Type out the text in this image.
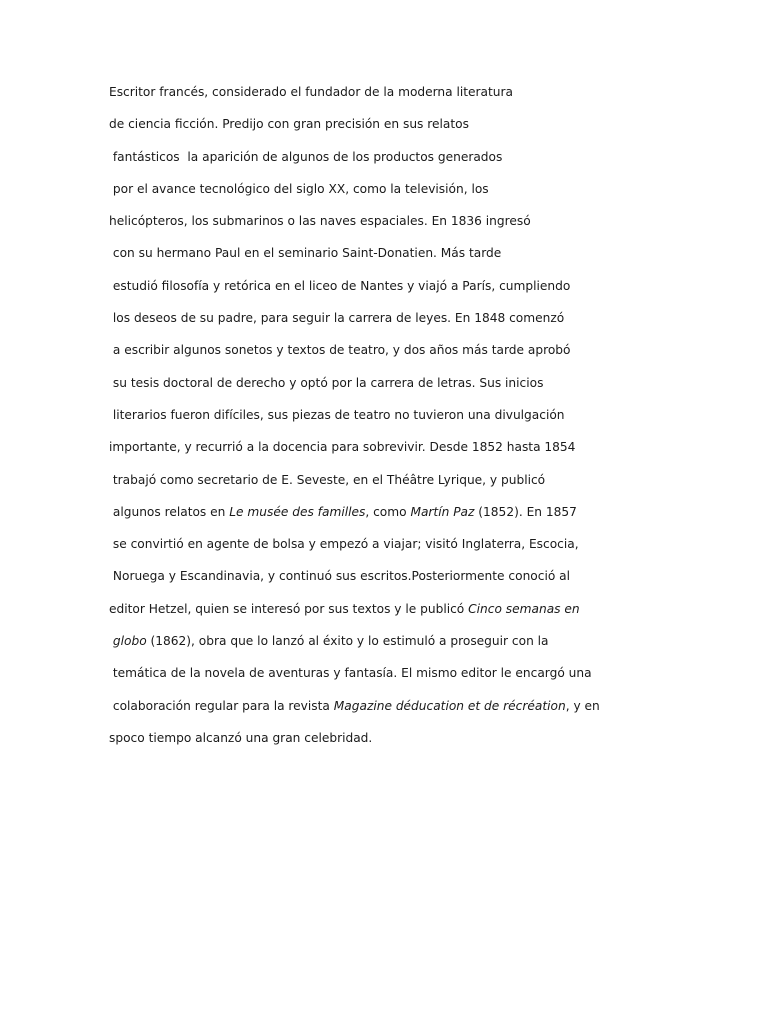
Escritor francés, considerado el fundador de la moderna literatura
de ciencia ficción. Predijo con gran precisión en sus relatos
fantásticos  la aparición de algunos de los productos generados
por el avance tecnológico del siglo XX, como la televisión, los
helicópteros, los submarinos o las naves espaciales. En 1836 ingresó
con su hermano Paul en el seminario Saint-Donatien. Más tarde
estudió filosofía y retórica en el liceo de Nantes y viajó a París, cumpliendo
los deseos de su padre, para seguir la carrera de leyes. En 1848 comenzó
a escribir algunos sonetos y textos de teatro, y dos años más tarde aprobó
su tesis doctoral de derecho y optó por la carrera de letras. Sus inicios
literarios fueron difíciles, sus piezas de teatro no tuvieron una divulgación
importante, y recurrió a la docencia para sobrevivir. Desde 1852 hasta 1854
trabajó como secretario de E. Seveste, en el Théâtre Lyrique, y publicó
algunos relatos en Le musée des familles, como Martín Paz (1852). En 1857
se convirtió en agente de bolsa y empezó a viajar; visitó Inglaterra, Escocia,
Noruega y Escandinavia, y continuó sus escritos.Posteriormente conoció al
editor Hetzel, quien se interesó por sus textos y le publicó Cinco semanas en
globo (1862), obra que lo lanzó al éxito y lo estimuló a proseguir con la
temática de la novela de aventuras y fantasía. El mismo editor le encargó una
colaboración regular para la revista Magazine déducation et de récréation, y en
spoco tiempo alcanzó una gran celebridad.
